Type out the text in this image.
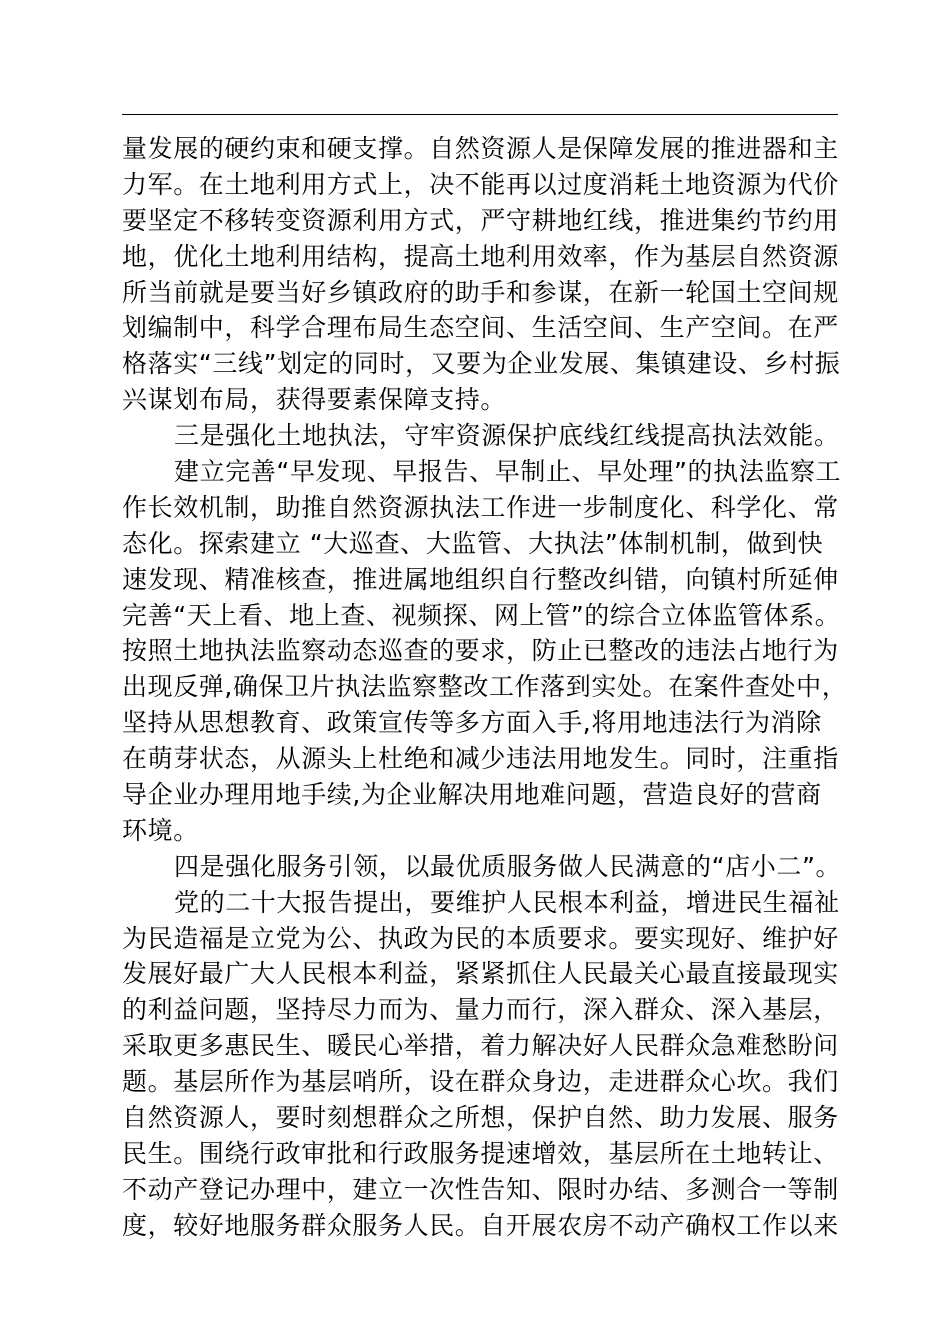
量发展的硬约束和硬支撑。自然资源人是保障发展的推进器和主
力军。在土地利用方式上，决不能再以过度消耗土地资源为代价
要坚定不移转变资源利用方式，严守耕地红线，推进集约节约用
地，优化土地利用结构，提高土地利用效率，作为基层自然资源
所当前就是要当好乡镇政府的助手和参谋，在新一轮国土空间规
划编制中，科学合理布局生态空间、生活空间、生产空间。在严
格落实“三线”划定的同时，又要为企业发展、集镇建设、乡村振
兴谋划布局，获得要素保障支持。
三是强化土地执法，守牢资源保护底线红线提高执法效能。
建立完善“早发现、早报告、早制止、早处理”的执法监察工
作长效机制，助推自然资源执法工作进一步制度化、科学化、常
态化。探索建立 “大巡查、大监管、大执法”体制机制，做到快
速发现、精准核查，推进属地组织自行整改纠错，向镇村所延伸
完善“天上看、地上查、视频探、网上管”的综合立体监管体系。
按照土地执法监察动态巡查的要求，防止已整改的违法占地行为
出现反弹,确保卫片执法监察整改工作落到实处。在案件查处中，
坚持从思想教育、政策宣传等多方面入手,将用地违法行为消除
在萌芽状态，从源头上杜绝和减少违法用地发生。同时，注重指
导企业办理用地手续,为企业解决用地难问题，营造良好的营商
环境。
四是强化服务引领，以最优质服务做人民满意的“店小二”。
党的二十大报告提出，要维护人民根本利益，增进民生福祉
为民造福是立党为公、执政为民的本质要求。要实现好、维护好
发展好最广大人民根本利益，紧紧抓住人民最关心最直接最现实
的利益问题，坚持尽力而为、量力而行，深入群众、深入基层，
采取更多惠民生、暖民心举措，着力解决好人民群众急难愁盼问
题。基层所作为基层哨所，设在群众身边，走进群众心坎。我们
自然资源人，要时刻想群众之所想，保护自然、助力发展、服务
民生。围绕行政审批和行政服务提速增效，基层所在土地转让、
不动产登记办理中，建立一次性告知、限时办结、多测合一等制
度，较好地服务群众服务人民。自开展农房不动产确权工作以来
